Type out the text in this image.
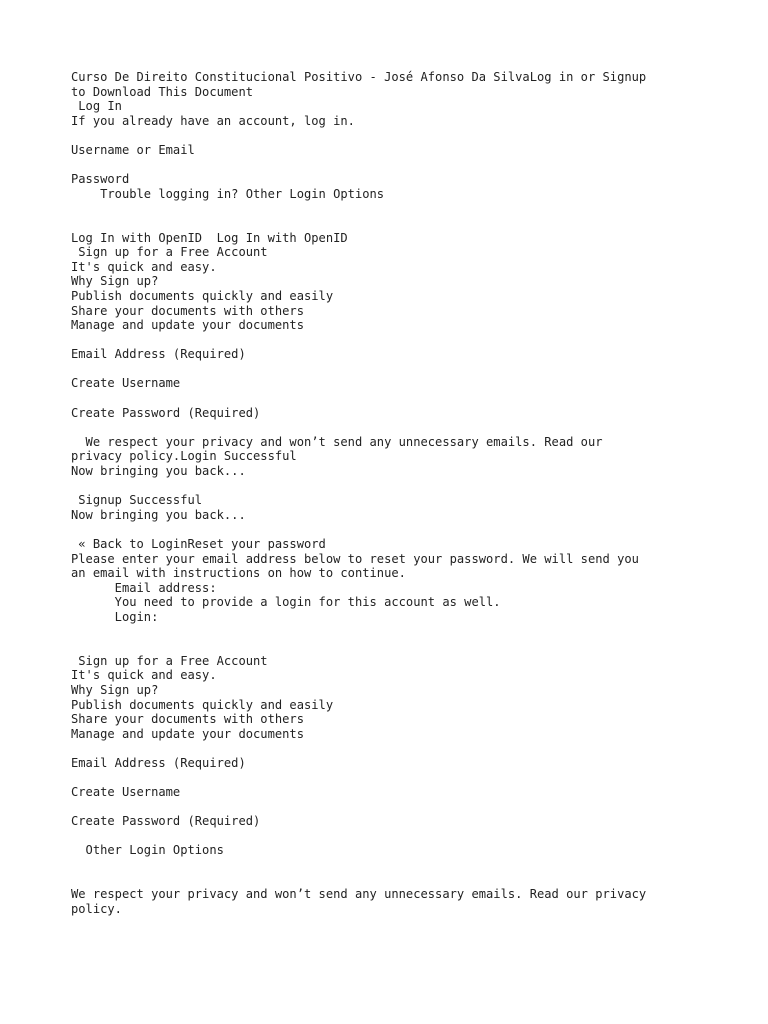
Curso De Direito Constitucional Positivo - José Afonso Da SilvaLog in or Signup
to Download This Document
Log In
If you already have an account, log in.
Username or Email
Password
Trouble logging in? Other Login Options
Log In with OpenID  Log In with OpenID
Sign up for a Free Account
It's quick and easy.
Why Sign up?
Publish documents quickly and easily
Share your documents with others
Manage and update your documents
Email Address (Required)
Create Username
Create Password (Required)
We respect your privacy and won’t send any unnecessary emails. Read our
privacy policy.Login Successful
Now bringing you back...
Signup Successful
Now bringing you back...
« Back to LoginReset your password
Please enter your email address below to reset your password. We will send you
an email with instructions on how to continue.
Email address:
You need to provide a login for this account as well.
Login:
Sign up for a Free Account
It's quick and easy.
Why Sign up?
Publish documents quickly and easily
Share your documents with others
Manage and update your documents
Email Address (Required)
Create Username
Create Password (Required)
Other Login Options
We respect your privacy and won’t send any unnecessary emails. Read our privacy
policy.
